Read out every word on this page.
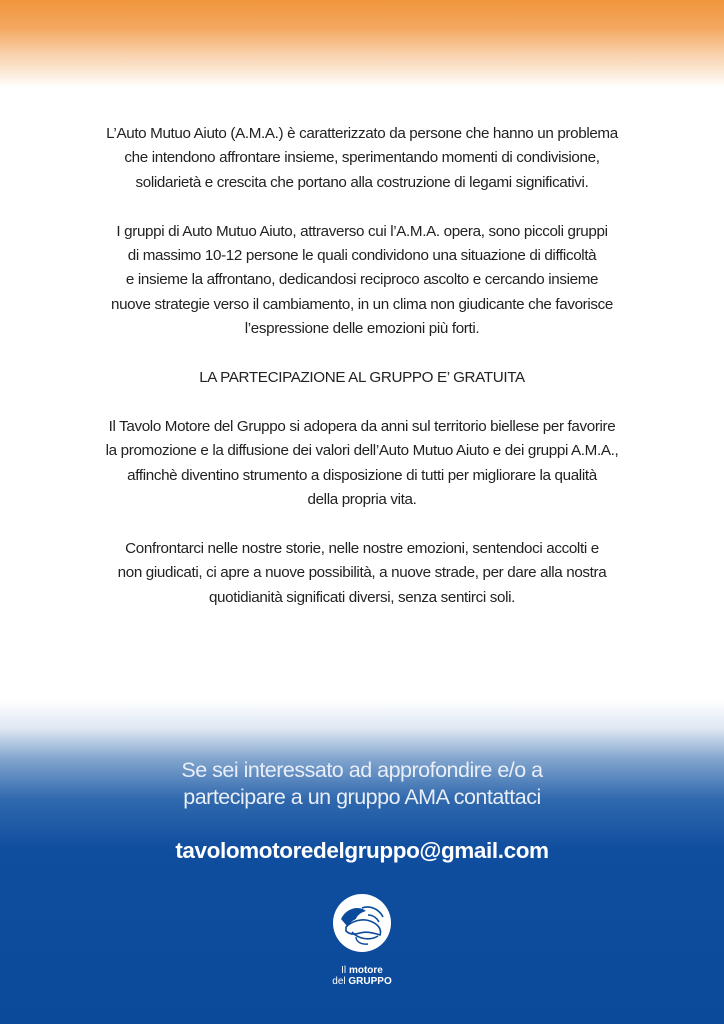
L’Auto Mutuo Aiuto (A.M.A.) è caratterizzato da persone che hanno un problema
che intendono affrontare insieme, sperimentando momenti di condivisione,
solidarietà e crescita che portano alla costruzione di legami significativi.

I gruppi di Auto Mutuo Aiuto, attraverso cui l’A.M.A. opera, sono piccoli gruppi
di massimo 10-12 persone le quali condividono una situazione di difficoltà
e insieme la affrontano, dedicandosi reciproco ascolto e cercando insieme
nuove strategie verso il cambiamento, in un clima non giudicante che favorisce
l’espressione delle emozioni più forti.

LA PARTECIPAZIONE AL GRUPPO E’ GRATUITA

Il Tavolo Motore del Gruppo si adopera da anni sul territorio biellese per favorire
la promozione e la diffusione dei valori dell’Auto Mutuo Aiuto e dei gruppi A.M.A.,
affinchè diventino strumento a disposizione di tutti per migliorare la qualità
della propria vita.

Confrontarci nelle nostre storie, nelle nostre emozioni, sentendoci accolti e
non giudicati, ci apre a nuove possibilità, a nuove strade, per dare alla nostra
quotidianità significati diversi, senza sentirci soli.

Se sei interessato ad approfondire e/o a
partecipare a un gruppo AMA contattaci
tavolomotoredelgruppo@gmail.com
Il motore
del GRUPPO
